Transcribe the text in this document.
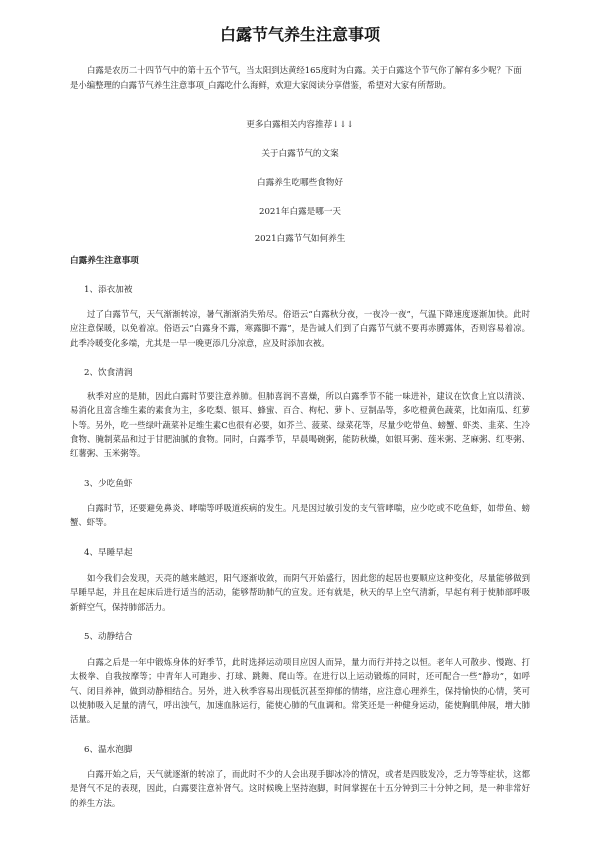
白露节气养生注意事项
白露是农历二十四节气中的第十五个节气，当太阳到达黄经165度时为白露。关于白露这个节气你了解有多少呢？下面是小编整理的白露节气养生注意事项_白露吃什么海鲜，欢迎大家阅读分享借鉴，希望对大家有所帮助。
更多白露相关内容推荐↓↓↓
关于白露节气的文案
白露养生吃哪些食物好
2021年白露是哪一天
2021白露节气如何养生
白露养生注意事项
1、添衣加被
过了白露节气，天气渐渐转凉，暑气渐渐消失殆尽。俗语云“白露秋分夜，一夜冷一夜”，气温下降速度逐渐加快。此时应注意保暖，以免着凉。俗语云“白露身不露，寒露脚不露”，是告诫人们到了白露节气就不要再赤膊露体，否则容易着凉。此季冷暖变化多端，尤其是一早一晚更添几分凉意，应及时添加衣被。
2、饮食清润
秋季对应的是肺，因此白露时节要注意养肺。但肺喜润不喜燥，所以白露季节不能一味进补，建议在饮食上宜以清淡、易消化且富含维生素的素食为主，多吃梨、银耳、蜂蜜、百合、枸杞、萝卜、豆制品等，多吃橙黄色蔬菜，比如南瓜、红萝卜等。另外，吃一些绿叶蔬菜补足维生素C也很有必要，如芥兰、菠菜、绿菜花等，尽量少吃带鱼、螃蟹、虾类、韭菜、生冷食物、腌制菜品和过于甘肥油腻的食物。同时，白露季节，早晨喝碗粥，能防秋燥，如银耳粥、莲米粥、芝麻粥、红枣粥、红薯粥、玉米粥等。
3、少吃鱼虾
白露时节，还要避免鼻炎、哮喘等呼吸道疾病的发生。凡是因过敏引发的支气管哮喘，应少吃或不吃鱼虾，如带鱼、螃蟹、虾等。
4、早睡早起
如今我们会发现，天亮的越来越迟，阳气逐渐收敛，而阴气开始盛行，因此您的起居也要顺应这种变化，尽量能够做到早睡早起，并且在起床后进行适当的活动，能够帮助肺气的宣发。还有就是，秋天的早上空气清新，早起有利于使肺部呼吸新鲜空气，保持肺部活力。
5、动静结合
白露之后是一年中锻炼身体的好季节，此时选择运动项目应因人而异，量力而行并持之以恒。老年人可散步、慢跑、打太极拳、自我按摩等；中青年人可跑步、打球、跳舞、爬山等。在进行以上运动锻炼的同时，还可配合一些“静功”，如呼气、闭目养神，做到动静相结合。另外，进入秋季容易出现低沉甚至抑郁的情绪，应注意心理养生，保持愉快的心情，笑可以使肺吸入足量的清气，呼出浊气，加速血脉运行，能使心肺的气血调和。常笑还是一种健身运动，能使胸肌伸展，增大肺活量。
6、温水泡脚
白露开始之后，天气就逐渐的转凉了，而此时不少的人会出现手脚冰冷的情况，或者是四肢发冷，乏力等等症状，这都是肾气不足的表现，因此，白露要注意补肾气。这时候晚上坚持泡脚，时间掌握在十五分钟到三十分钟之间，是一种非常好的养生方法。
